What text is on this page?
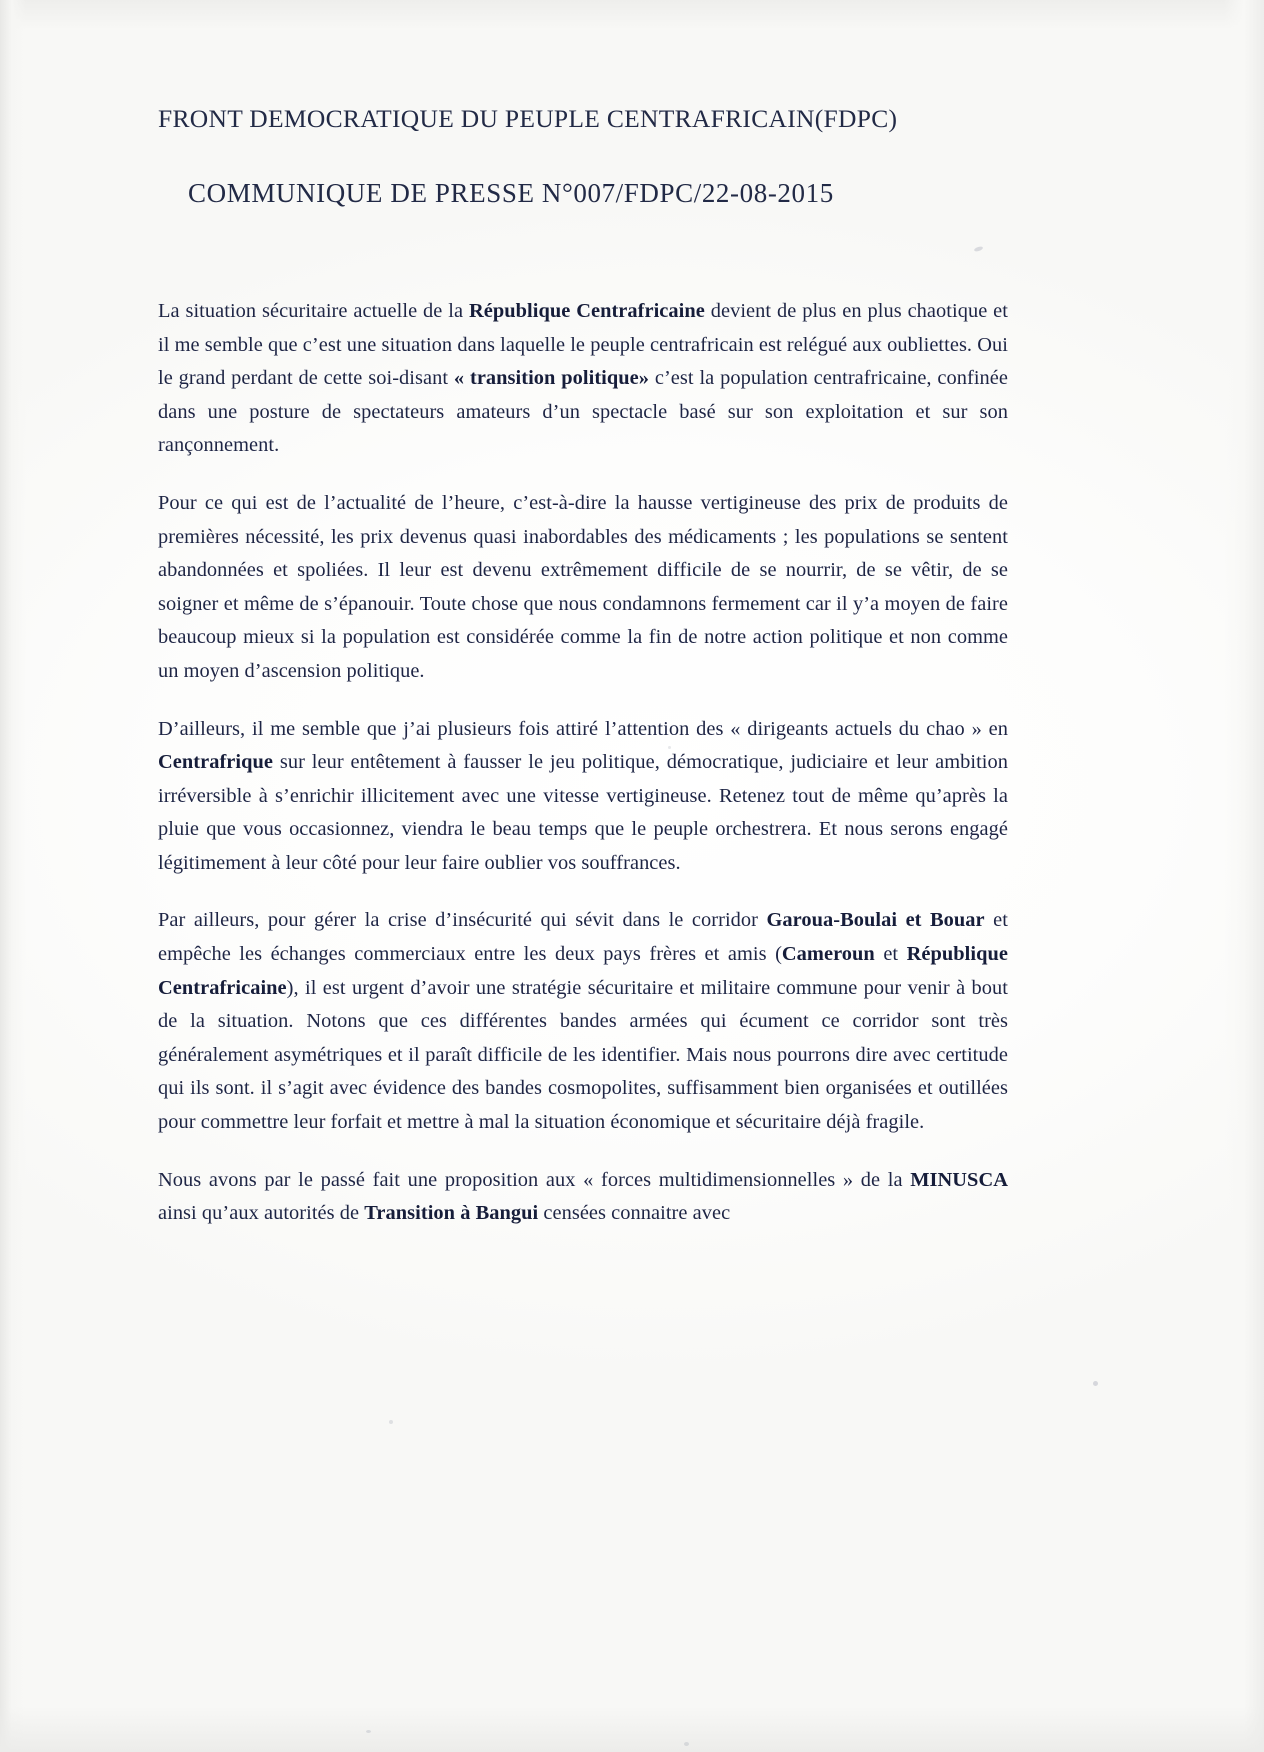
FRONT DEMOCRATIQUE DU PEUPLE CENTRAFRICAIN(FDPC)
COMMUNIQUE DE PRESSE N°007/FDPC/22-08-2015

La situation sécuritaire actuelle de la République Centrafricaine devient de plus en plus chaotique et il me semble que c’est une situation dans laquelle le peuple centrafricain est relégué aux oubliettes. Oui le grand perdant de cette soi-disant « transition politique» c’est la population centrafricaine, confinée dans une posture de spectateurs amateurs d’un spectacle basé sur son exploitation et sur son rançonnement.

Pour ce qui est de l’actualité de l’heure, c’est-à-dire la hausse vertigineuse des prix de produits de premières nécessité, les prix devenus quasi inabordables des médicaments ; les populations se sentent abandonnées et spoliées. Il leur est devenu extrêmement difficile de se nourrir, de se vêtir, de se soigner et même de s’épanouir. Toute chose que nous condamnons fermement car il y’a moyen de faire beaucoup mieux si la population est considérée comme la fin de notre action politique et non comme un moyen d’ascension politique.

D’ailleurs, il me semble que j’ai plusieurs fois attiré l’attention des « dirigeants actuels du chao » en Centrafrique sur leur entêtement à fausser le jeu politique, démocratique, judiciaire et leur ambition irréversible à s’enrichir illicitement avec une vitesse vertigineuse. Retenez tout de même qu’après la pluie que vous occasionnez, viendra le beau temps que le peuple orchestrera. Et nous serons engagé légitimement à leur côté pour leur faire oublier vos souffrances.

Par ailleurs, pour gérer la crise d’insécurité qui sévit dans le corridor Garoua-Boulai et Bouar et empêche les échanges commerciaux entre les deux pays frères et amis (Cameroun et République Centrafricaine), il est urgent d’avoir une stratégie sécuritaire et militaire commune pour venir à bout de la situation. Notons que ces différentes bandes armées qui écument ce corridor sont très généralement asymétriques et il paraît difficile de les identifier. Mais nous pourrons dire avec certitude qui ils sont. il s’agit avec évidence des bandes cosmopolites, suffisamment bien organisées et outillées pour commettre leur forfait et mettre à mal la situation économique et sécuritaire déjà fragile.

Nous avons par le passé fait une proposition aux « forces multidimensionnelles » de la MINUSCA ainsi qu’aux autorités de Transition à Bangui censées connaitre avec
